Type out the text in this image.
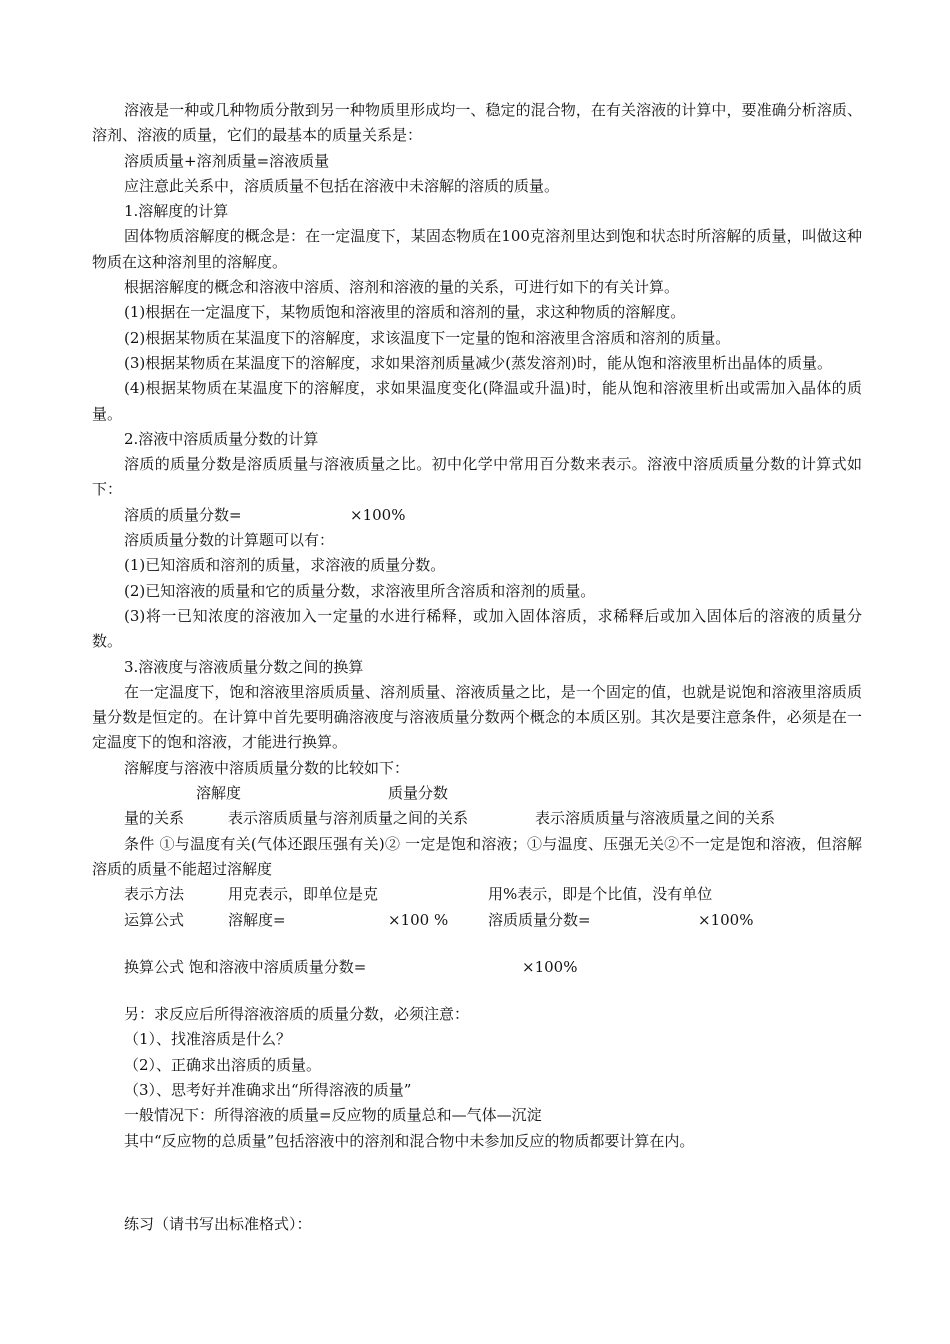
溶液是一种或几种物质分散到另一种物质里形成均一、稳定的混合物，在有关溶液的计算中，要准确分析溶质、溶剂、溶液的质量，它们的最基本的质量关系是：

溶质质量+溶剂质量=溶液质量

应注意此关系中，溶质质量不包括在溶液中未溶解的溶质的质量。

1.溶解度的计算

固体物质溶解度的概念是：在一定温度下，某固态物质在100克溶剂里达到饱和状态时所溶解的质量，叫做这种物质在这种溶剂里的溶解度。

根据溶解度的概念和溶液中溶质、溶剂和溶液的量的关系，可进行如下的有关计算。

(1)根据在一定温度下，某物质饱和溶液里的溶质和溶剂的量，求这种物质的溶解度。

(2)根据某物质在某温度下的溶解度，求该温度下一定量的饱和溶液里含溶质和溶剂的质量。

(3)根据某物质在某温度下的溶解度，求如果溶剂质量减少(蒸发溶剂)时，能从饱和溶液里析出晶体的质量。

(4)根据某物质在某温度下的溶解度，求如果温度变化(降温或升温)时，能从饱和溶液里析出或需加入晶体的质量。

2.溶液中溶质质量分数的计算

溶质的质量分数是溶质质量与溶液质量之比。初中化学中常用百分数来表示。溶液中溶质质量分数的计算式如下：

溶质的质量分数=	×100%

溶质质量分数的计算题可以有：

(1)已知溶质和溶剂的质量，求溶液的质量分数。

(2)已知溶液的质量和它的质量分数，求溶液里所含溶质和溶剂的质量。

(3)将一已知浓度的溶液加入一定量的水进行稀释，或加入固体溶质，求稀释后或加入固体后的溶液的质量分数。

3.溶液度与溶液质量分数之间的换算

在一定温度下，饱和溶液里溶质质量、溶剂质量、溶液质量之比，是一个固定的值，也就是说饱和溶液里溶质质量分数是恒定的。在计算中首先要明确溶液度与溶液质量分数两个概念的本质区别。其次是要注意条件，必须是在一定温度下的饱和溶液，才能进行换算。

溶解度与溶液中溶质质量分数的比较如下：

溶解度	质量分数
量的关系	表示溶质质量与溶剂质量之间的关系	表示溶质质量与溶液质量之间的关系

条件 ①与温度有关(气体还跟压强有关)② 一定是饱和溶液；①与温度、压强无关②不一定是饱和溶液，但溶解溶质的质量不能超过溶解度

表示方法	用克表示，即单位是克	用%表示，即是个比值，没有单位
运算公式	溶解度=	×100 %	溶质质量分数=	×100%
换算公式 饱和溶液中溶质质量分数=	×100%

另：求反应后所得溶液溶质的质量分数，必须注意：

（1）、找准溶质是什么？

（2）、正确求出溶质的质量。

（3）、思考好并准确求出“所得溶液的质量”

一般情况下：所得溶液的质量=反应物的质量总和—气体—沉淀

其中“反应物的总质量”包括溶液中的溶剂和混合物中未参加反应的物质都要计算在内。

练习（请书写出标准格式）：
